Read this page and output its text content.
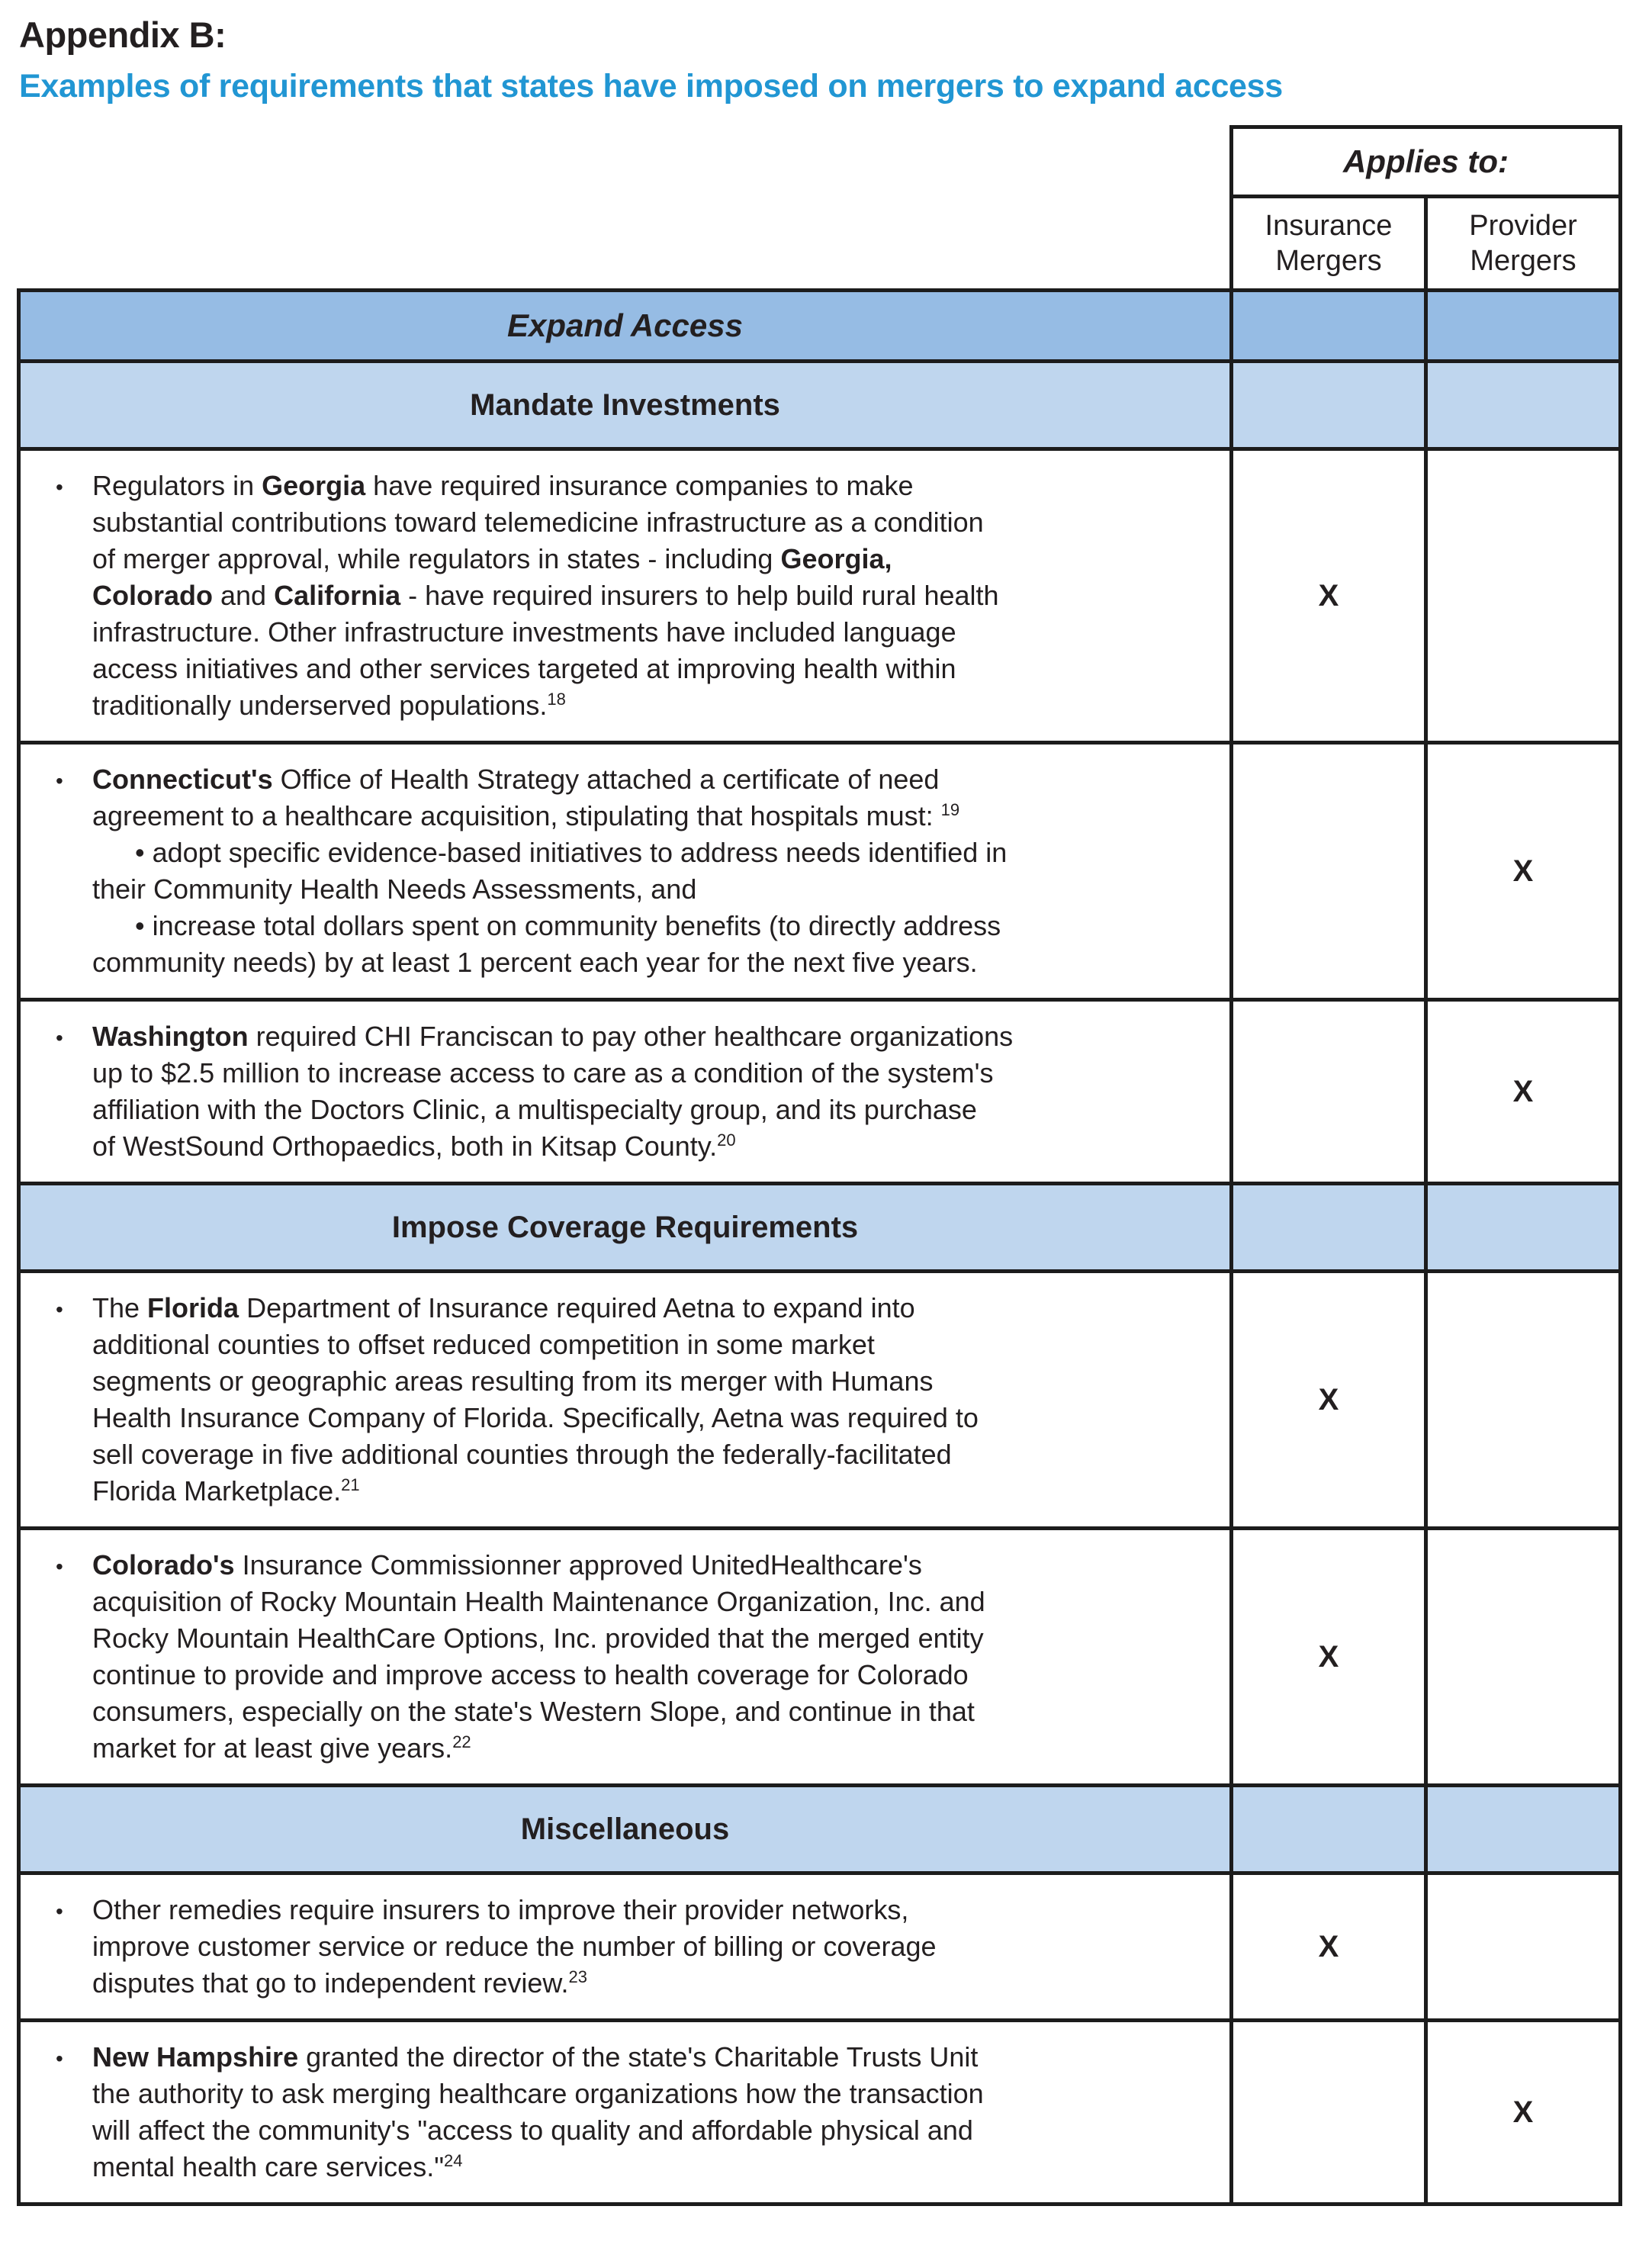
Appendix B:
Examples of requirements that states have imposed on mergers to expand access
	Applies to:	
	Insurance Mergers	Provider Mergers
Expand Access		
Mandate Investments		

•	Regulators in Georgia have required insurance companies to make
substantial contributions toward telemedicine infrastructure as a condition
of merger approval, while regulators in states - including Georgia,
Colorado and California - have required insurers to help build rural health
infrastructure. Other infrastructure investments have included language
access initiatives and other services targeted at improving health within
traditionally underserved populations.$^{18}$
	X	

•	Connecticut's Office of Health Strategy attached a certificate of need
agreement to a healthcare acquisition, stipulating that hospitals must: $^{19}$
• adopt specific evidence-based initiatives to address needs identified in
their Community Health Needs Assessments, and
• increase total dollars spent on community benefits (to directly address
community needs) by at least 1 percent each year for the next five years.
		X

• Washington required CHI Franciscan to pay other healthcare organizations
up to $2.5 million to increase access to care as a condition of the system's
affiliation with the Doctors Clinic, a multispecialty group, and its purchase
of WestSound Orthopaedics, both in Kitsap County.$^{20}$		X
Impose Coverage Requirements		

•	The Florida Department of Insurance required Aetna to expand into
additional counties to offset reduced competition in some market
segments or geographic areas resulting from its merger with Humans
Health Insurance Company of Florida. Specifically, Aetna was required to
sell coverage in five additional counties through the federally-facilitated
Florida Marketplace.$^{21}$
	X	

•	Colorado's Insurance Commissionner approved UnitedHealthcare's
acquisition of Rocky Mountain Health Maintenance Organization, Inc. and
Rocky Mountain HealthCare Options, Inc. provided that the merged entity
continue to provide and improve access to health coverage for Colorado
consumers, especially on the state's Western Slope, and continue in that
market for at least give years.$^{22}$
	X	
Miscellaneous		

• Other remedies require insurers to improve their provider networks,
improve customer service or reduce the number of billing or coverage
disputes that go to independent review.$^{23}$	X	

• New Hampshire granted the director of the state's Charitable Trusts Unit
the authority to ask merging healthcare organizations how the transaction
will affect the community's "access to quality and affordable physical and
mental health care services."$^{24}$		X
